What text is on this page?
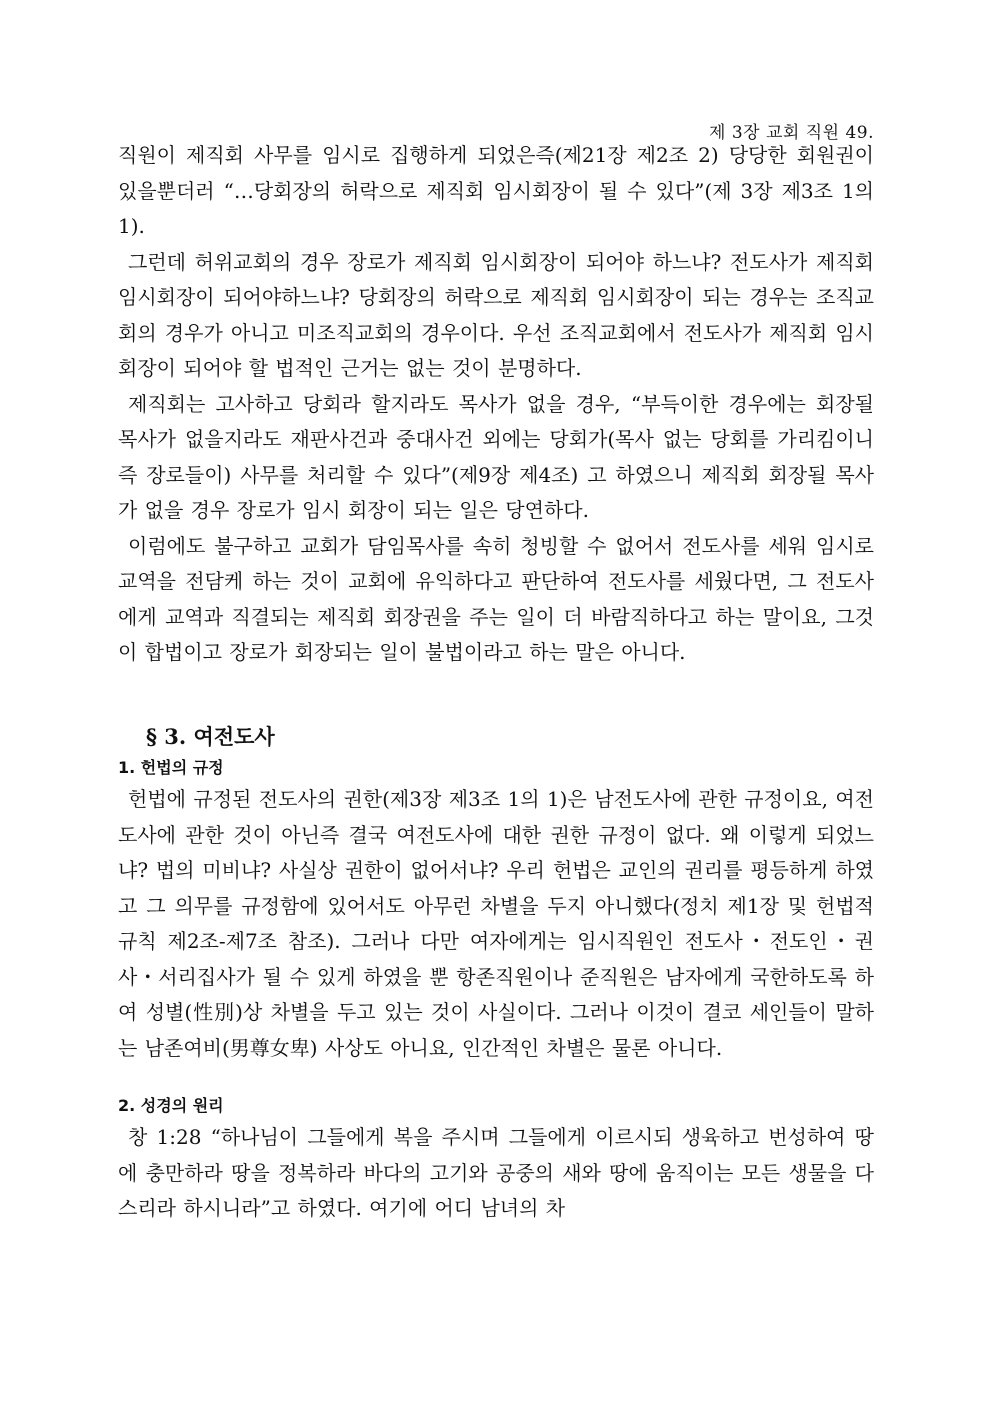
제 3장 교회 직원 49.

직원이 제직회 사무를 임시로 집행하게 되었은즉(제21장 제2조 2) 당당한 회원권이 있을뿐더러 “…당회장의 허락으로 제직회 임시회장이 될 수 있다”(제 3장 제3조 1의 1).

그런데 허위교회의 경우 장로가 제직회 임시회장이 되어야 하느냐? 전도사가 제직회 임시회장이 되어야하느냐? 당회장의 허락으로 제직회 임시회장이 되는 경우는 조직교회의 경우가 아니고 미조직교회의 경우이다. 우선 조직교회에서 전도사가 제직회 임시회장이 되어야 할 법적인 근거는 없는 것이 분명하다.

제직회는 고사하고 당회라 할지라도 목사가 없을 경우, “부득이한 경우에는 회장될 목사가 없을지라도 재판사건과 중대사건 외에는 당회가(목사 없는 당회를 가리킴이니 즉 장로들이) 사무를 처리할 수 있다”(제9장 제4조) 고 하였으니 제직회 회장될 목사가 없을 경우 장로가 임시 회장이 되는 일은 당연하다.

이럼에도 불구하고 교회가 담임목사를 속히 청빙할 수 없어서 전도사를 세워 임시로 교역을 전담케 하는 것이 교회에 유익하다고 판단하여 전도사를 세웠다면, 그 전도사에게 교역과 직결되는 제직회 회장권을 주는 일이 더 바람직하다고 하는 말이요, 그것이 합법이고 장로가 회장되는 일이 불법이라고 하는 말은 아니다.

§ 3. 여전도사
1. 헌법의 규정

헌법에 규정된 전도사의 권한(제3장 제3조 1의 1)은 남전도사에 관한 규정이요, 여전도사에 관한 것이 아닌즉 결국 여전도사에 대한 권한 규정이 없다. 왜 이렇게 되었느냐? 법의 미비냐? 사실상 권한이 없어서냐? 우리 헌법은 교인의 권리를 평등하게 하였고 그 의무를 규정함에 있어서도 아무런 차별을 두지 아니했다(정치 제1장 및 헌법적 규칙 제2조-제7조 참조). 그러나 다만 여자에게는 임시직원인 전도사・전도인・권사・서리집사가 될 수 있게 하였을 뿐 항존직원이나 준직원은 남자에게 국한하도록 하여 성별(性別)상 차별을 두고 있는 것이 사실이다. 그러나 이것이 결코 세인들이 말하는 남존여비(男尊女卑) 사상도 아니요, 인간적인 차별은 물론 아니다.

2. 성경의 원리

창 1:28 “하나님이 그들에게 복을 주시며 그들에게 이르시되 생육하고 번성하여 땅에 충만하라 땅을 정복하라 바다의 고기와 공중의 새와 땅에 움직이는 모든 생물을 다스리라 하시니라”고 하였다. 여기에 어디 남녀의 차
